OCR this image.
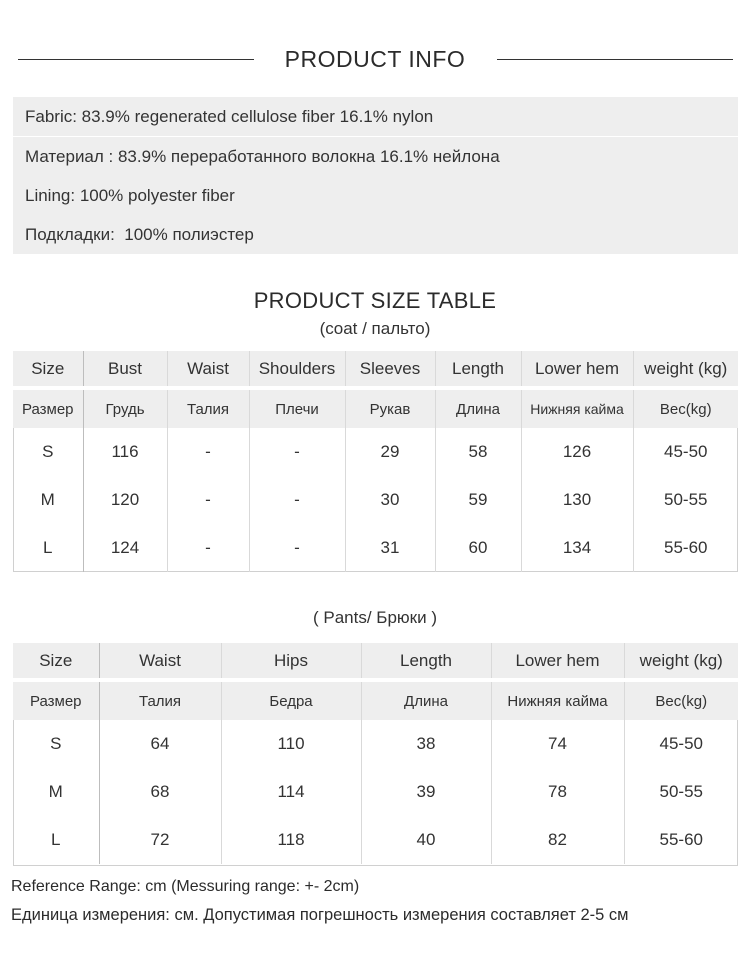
PRODUCT INFO
Fabric: 83.9% regenerated cellulose fiber 16.1% nylon
Материал : 83.9% переработанного волокна 16.1% нейлона
Lining: 100% polyester fiber
Подкладки:  100% полиэстер
PRODUCT SIZE TABLE
(coat / пальто)
Size	Bust	Waist	Shoulders	Sleeves	Length	Lower hem	weight (kg)
Размер	Грудь	Талия	Плечи	Рукав	Длина	Нижняя кайма	Вес(kg)
S	116	-	-	29	58	126	45-50
M	120	-	-	30	59	130	50-55
L	124	-	-	31	60	134	55-60
( Pants/ Брюки )
Size	Waist	Hips	Length	Lower hem	weight (kg)
Размер	Талия	Бедра	Длина	Нижняя кайма	Вес(kg)
S	64	110	38	74	45-50
M	68	114	39	78	50-55
L	72	118	40	82	55-60
Reference Range: cm (Messuring range: +- 2cm)
Единица измерения: см. Допустимая погрешность измерения составляет 2-5 см
